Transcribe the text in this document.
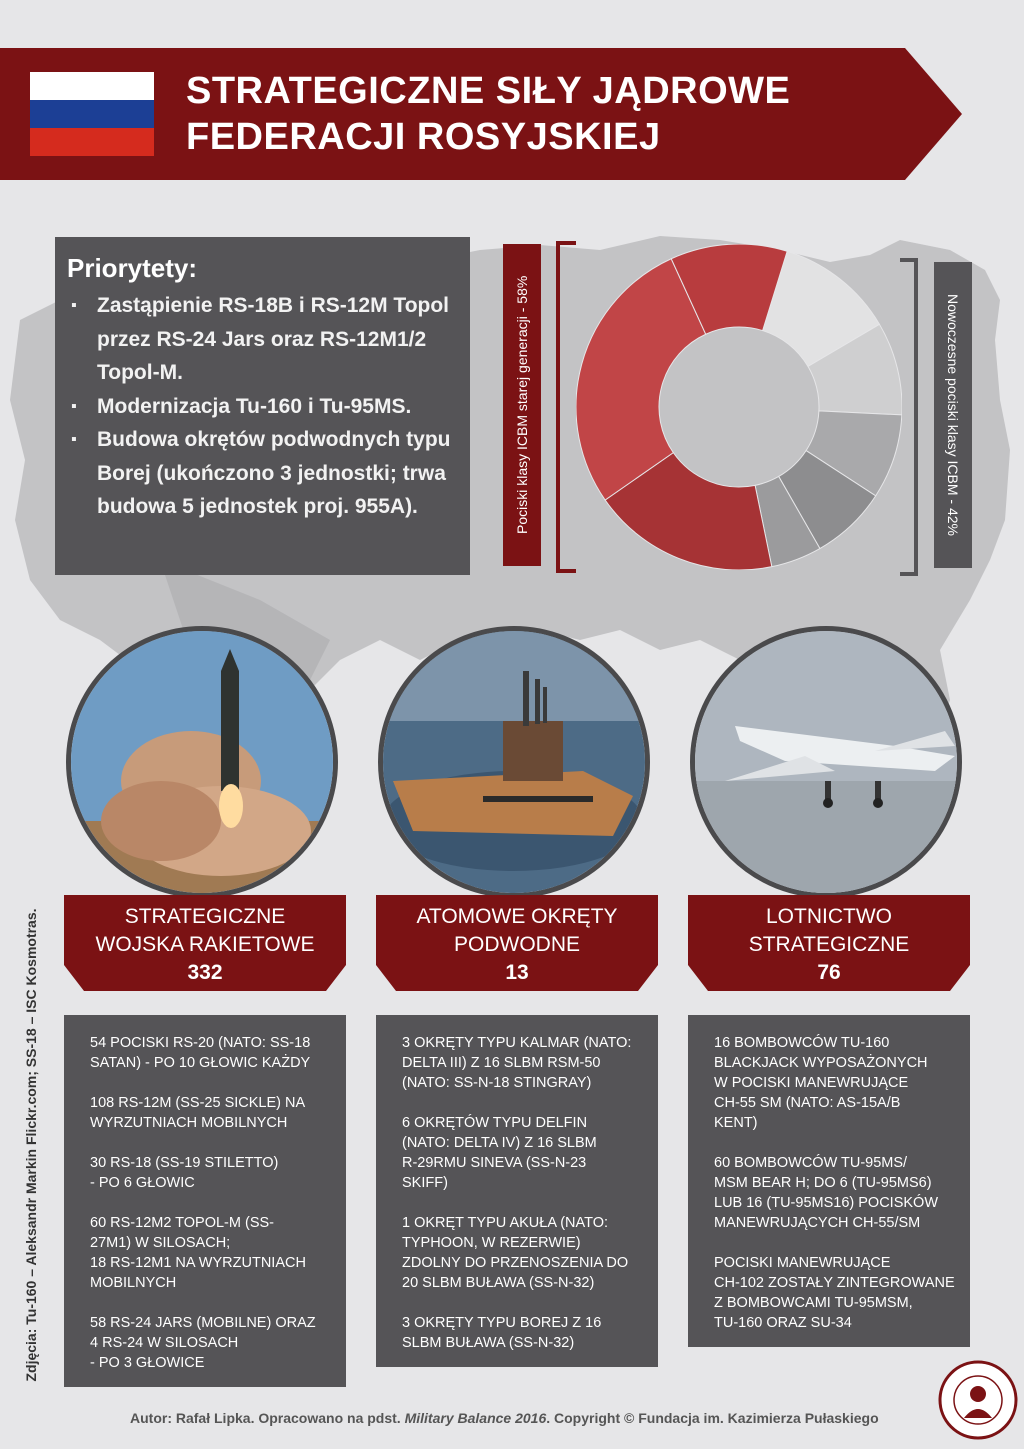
STRATEGICZNE SIŁY JĄDROWE
FEDERACJI ROSYJSKIEJ
Priorytety:
▪ Zastąpienie RS-18B i RS-12M Topol przez RS-24 Jars oraz RS-12M1/2 Topol-M.
▪ Modernizacja Tu-160 i Tu-95MS.
▪ Budowa okrętów podwodnych typu Borej (ukończono 3 jednostki; trwa budowa 5 jednostek proj. 955A).	Pociski klasy ICBM starej generacji - 58%	Nowoczesne pociski klasy ICBM - 42%
STRATEGICZNE
WOJSKA RAKIETOWE
332
ATOMOWE OKRĘTY
PODWODNE
13
LOTNICTWO
STRATEGICZNE
76

54 POCISKI RS-20 (NATO: SS-18
SATAN) - PO 10 GŁOWIC KAŻDY

108 RS-12M (SS-25 SICKLE) NA
WYRZUTNIACH MOBILNYCH

30 RS-18 (SS-19 STILETTO)
- PO 6 GŁOWIC

60 RS-12M2 TOPOL-M (SS-
27M1) W SILOSACH;
18 RS-12M1 NA WYRZUTNIACH
MOBILNYCH

58 RS-24 JARS (MOBILNE) ORAZ
4 RS-24 W SILOSACH
- PO 3 GŁOWICE

3 OKRĘTY TYPU KALMAR (NATO:
DELTA III) Z 16 SLBM RSM-50
(NATO: SS-N-18 STINGRAY)

6 OKRĘTÓW TYPU DELFIN
(NATO: DELTA IV) Z 16 SLBM
R-29RMU SINEVA (SS-N-23
SKIFF)

1 OKRĘT TYPU AKUŁA (NATO:
TYPHOON, W REZERWIE)
ZDOLNY DO PRZENOSZENIA DO
20 SLBM BUŁAWA (SS-N-32)

3 OKRĘTY TYPU BOREJ Z 16
SLBM BUŁAWA (SS-N-32)

16 BOMBOWCÓW TU-160
BLACKJACK WYPOSAŻONYCH
W POCISKI MANEWRUJĄCE
CH-55 SM (NATO: AS-15A/B
KENT)

60 BOMBOWCÓW TU-95MS/
MSM BEAR H; DO 6 (TU-95MS6)
LUB 16 (TU-95MS16) POCISKÓW
MANEWRUJĄCYCH CH-55/SM

POCISKI MANEWRUJĄCE
CH-102 ZOSTAŁY ZINTEGROWANE
Z BOMBOWCAMI TU-95MSM,
TU-160 ORAZ SU-34

Zdjęcia: Tu-160 – Aleksandr Markin Flickr.com; SS-18 – ISC Kosmotras.
Autor: Rafał Lipka. Opracowano na pdst. Military Balance 2016. Copyright © Fundacja im. Kazimierza Pułaskiego
